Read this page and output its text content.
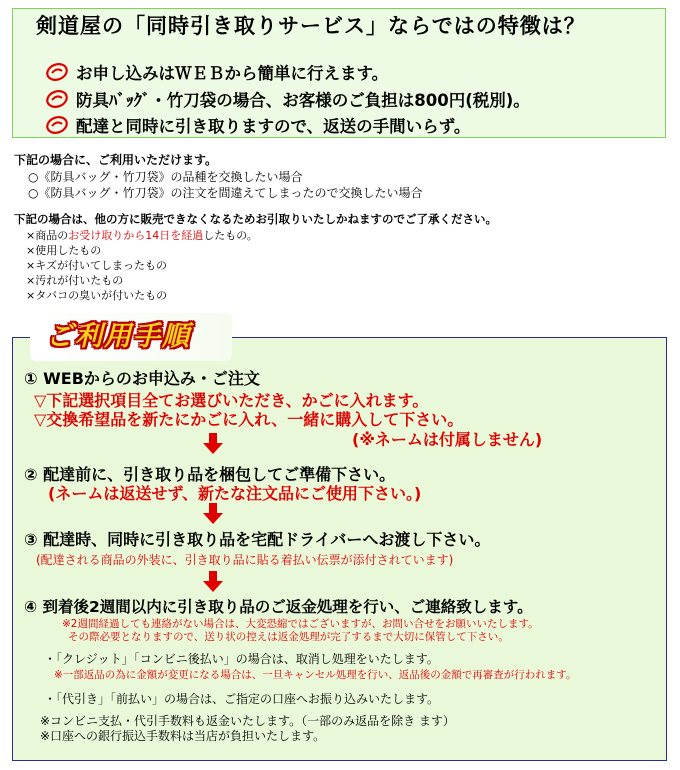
剣道屋の「同時引き取りサービス」ならではの特徴は？
お申し込みはＷＥＢから簡単に行えます。
防具ﾊﾞｯｸﾞ・竹刀袋の場合、お客様のご負担は800円(税別)。
配達と同時に引き取りますので、返送の手間いらず。
下記の場合に、ご利用いただけます。
○《防具バッグ・竹刀袋》の品種を交換したい場合
○《防具バッグ・竹刀袋》の注文を間違えてしまったので交換したい場合
下記の場合は、他の方に販売できなくなるためお引取りいたしかねますのでご了承ください。
×商品のお受け取りから14日を経過したもの。
×使用したもの
×キズが付いてしまったもの
×汚れが付いたもの
×タバコの臭いが付いたもの
ご利用手順
① WEBからのお申込み・ご注文
▽下記選択項目全てお選びいただき、かごに入れます。
▽交換希望品を新たにかごに入れ、一緒に購入して下さい。
(※ネームは付属しません)
② 配達前に、引き取り品を梱包してご準備下さい。
(ネームは返送せず、新たな注文品にご使用下さい。)
③ 配達時、同時に引き取り品を宅配ドライバーへお渡し下さい。
(配達される商品の外装に、引き取り品に貼る着払い伝票が添付されています)
④ 到着後2週間以内に引き取り品のご返金処理を行い、ご連絡致します。
※2週間経過しても連絡がない場合は、大変恐縮ではございますが、お問い合せをお願いいたします。
その際必要となりますので、送り状の控えは返金処理が完了するまで大切に保管して下さい。
・「クレジット」「コンビニ後払い」の場合は、取消し処理をいたします。
※一部返品の為に金額が変更になる場合は、一旦キャンセル処理を行い、返品後の金額で再審査が行われます。
・「代引き」「前払い」の場合は、ご指定の口座へお振り込みいたします。
※コンビニ支払・代引手数料も返金いたします。（一部のみ返品を除き ます）
※口座への銀行振込手数料は当店が負担いたします。
